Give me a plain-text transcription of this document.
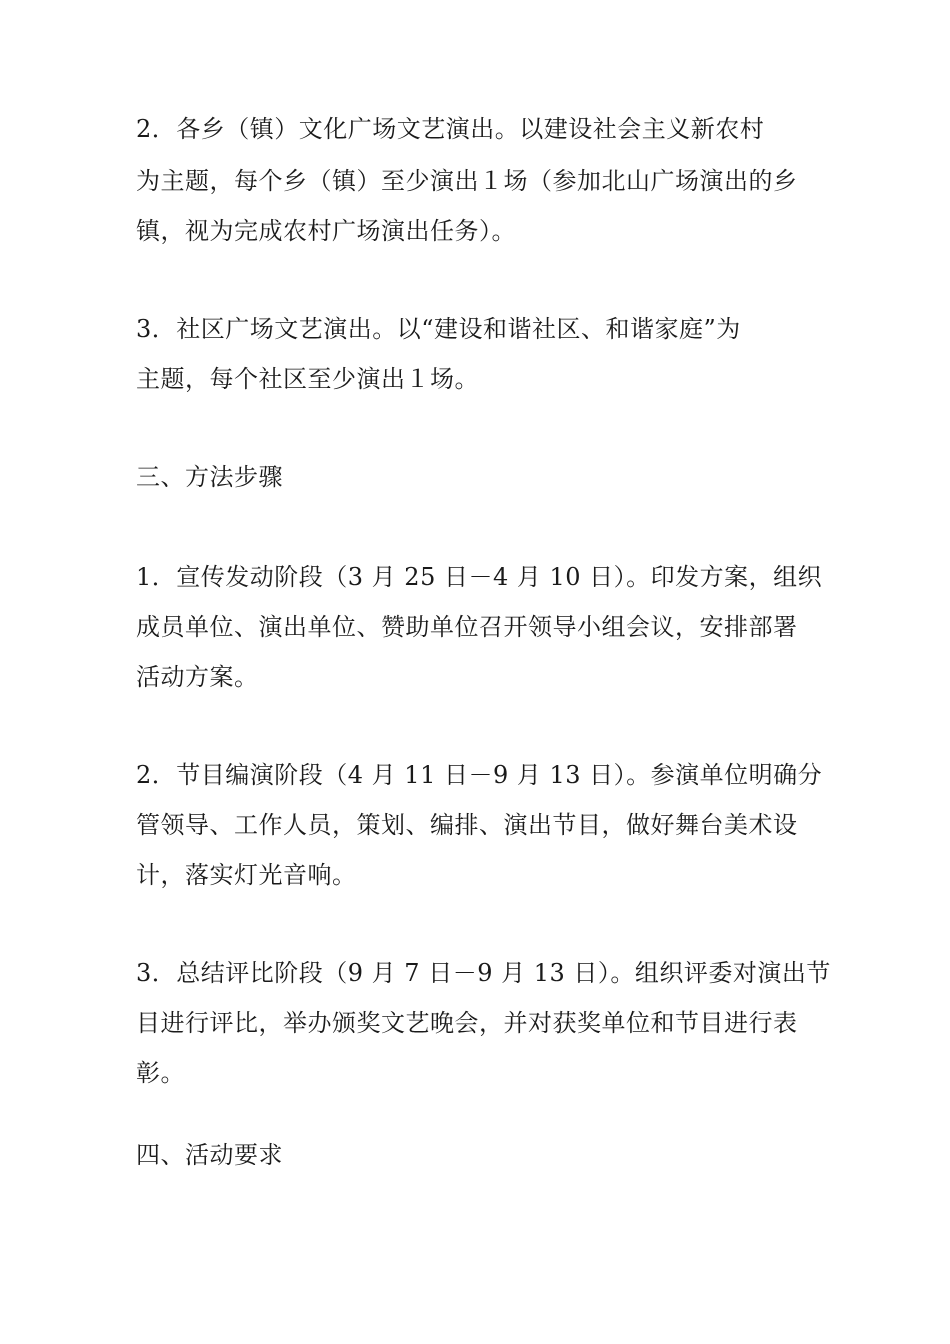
2．各乡（镇）文化广场文艺演出。以建设社会主义新农村
为主题，每个乡（镇）至少演出１场（参加北山广场演出的乡
镇，视为完成农村广场演出任务）。
3．社区广场文艺演出。以“建设和谐社区、和谐家庭”为
主题，每个社区至少演出１场。
三、方法步骤
1．宣传发动阶段（3 月 25 日－4 月 10 日）。印发方案，组织
成员单位、演出单位、赞助单位召开领导小组会议，安排部署
活动方案。
2．节目编演阶段（4 月 11 日－9 月 13 日）。参演单位明确分
管领导、工作人员，策划、编排、演出节目，做好舞台美术设
计，落实灯光音响。
3．总结评比阶段（9 月 7 日－9 月 13 日）。组织评委对演出节
目进行评比，举办颁奖文艺晚会，并对获奖单位和节目进行表
彰。
四、活动要求
